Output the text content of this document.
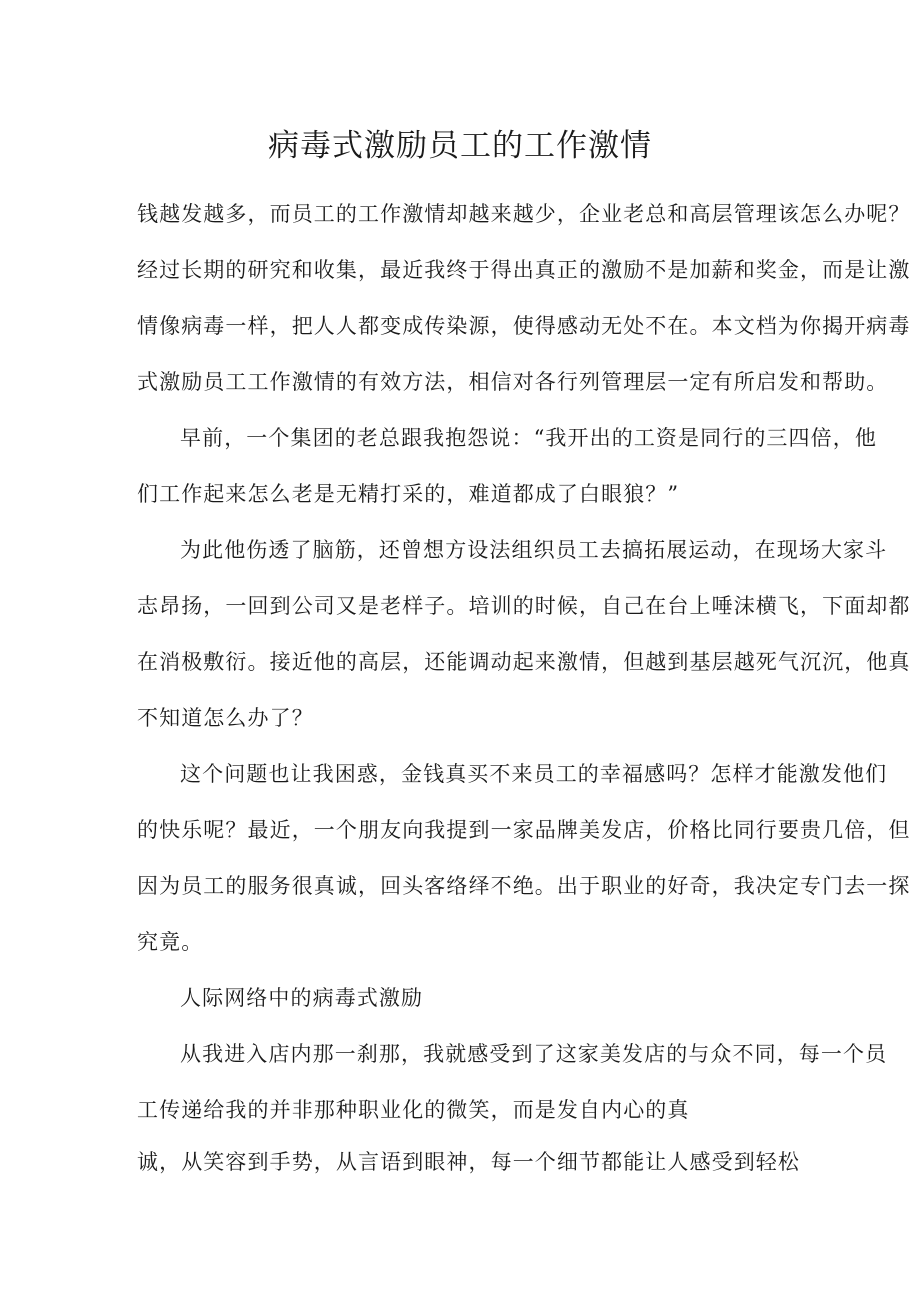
病毒式激励员工的工作激情
钱越发越多，而员工的工作激情却越来越少，企业老总和高层管理该怎么办呢？
经过长期的研究和收集，最近我终于得出真正的激励不是加薪和奖金，而是让激
情像病毒一样，把人人都变成传染源，使得感动无处不在。本文档为你揭开病毒
式激励员工工作激情的有效方法，相信对各行列管理层一定有所启发和帮助。
早前，一个集团的老总跟我抱怨说：“我开出的工资是同行的三四倍，他
们工作起来怎么老是无精打采的，难道都成了白眼狼？”
为此他伤透了脑筋，还曾想方设法组织员工去搞拓展运动，在现场大家斗
志昂扬，一回到公司又是老样子。培训的时候，自己在台上唾沫横飞，下面却都
在消极敷衍。接近他的高层，还能调动起来激情，但越到基层越死气沉沉，他真
不知道怎么办了？
这个问题也让我困惑，金钱真买不来员工的幸福感吗？怎样才能激发他们
的快乐呢？最近，一个朋友向我提到一家品牌美发店，价格比同行要贵几倍，但
因为员工的服务很真诚，回头客络绎不绝。出于职业的好奇，我决定专门去一探
究竟。
人际网络中的病毒式激励
从我进入店内那一刹那，我就感受到了这家美发店的与众不同，每一个员
工传递给我的并非那种职业化的微笑，而是发自内心的真
诚，从笑容到手势，从言语到眼神，每一个细节都能让人感受到轻松
